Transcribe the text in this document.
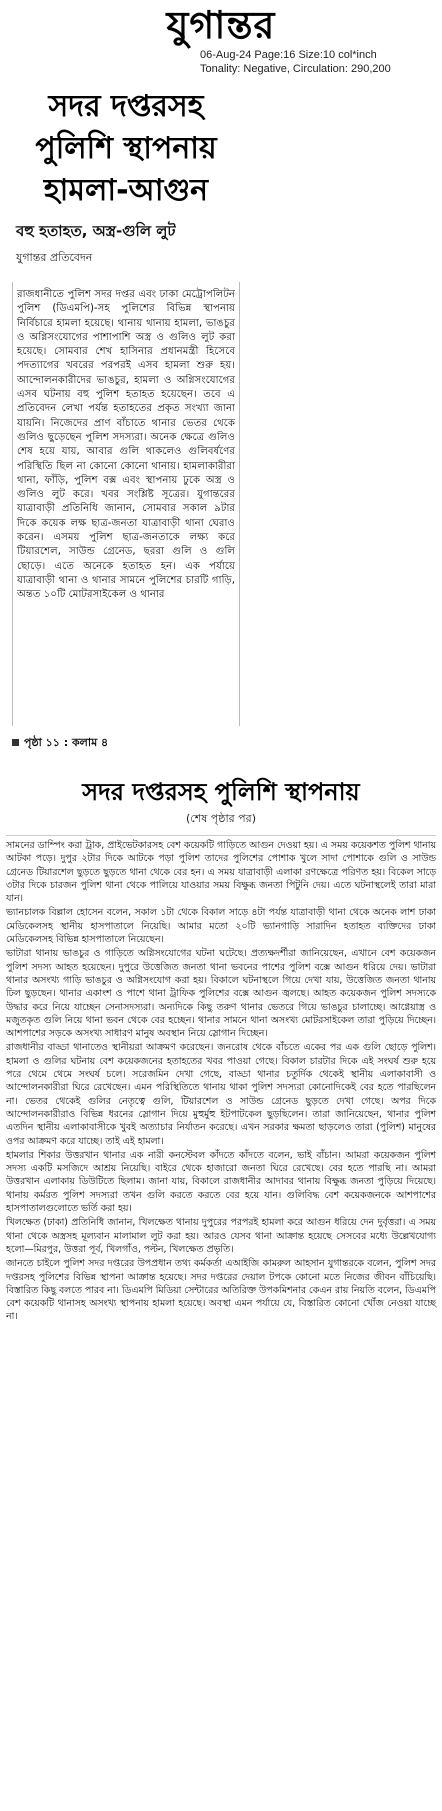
যুগান্তর
06-Aug-24 Page:16 Size:10 col*inch
Tonality: Negative, Circulation: 290,200
সদর দপ্তরসহ
পুলিশি স্থাপনায়
হামলা-আগুন
বহু হতাহত, অস্ত্র-গুলি লুট
যুগান্তর প্রতিবেদন

রাজধানীতে পুলিশ সদর দপ্তর এবং ঢাকা মেট্রোপলিটন পুলিশ (ডিএমপি)-সহ পুলিশের বিভিন্ন স্থাপনায় নির্বিচারে হামলা হয়েছে। থানায় থানায় হামলা, ভাঙচুর ও অগ্নিসংযোগের পাশাপাশি অস্ত্র ও গুলিও লুট করা হয়েছে। সোমবার শেখ হাসিনার প্রধানমন্ত্রী হিসেবে পদত্যাগের খবরের পরপরই এসব হামলা শুরু হয়। আন্দোলনকারীদের ভাঙচুর, হামলা ও অগ্নিসংযোগের এসব ঘটনায় বহু পুলিশ হতাহত হয়েছেন। তবে এ প্রতিবেদন লেখা পর্যন্ত হতাহতের প্রকৃত সংখ্যা জানা যায়নি। নিজেদের প্রাণ বাঁচাতে থানার ভেতর থেকে গুলিও ছুড়েছেন পুলিশ সদস্যরা। অনেক ক্ষেত্রে গুলিও শেষ হয়ে যায়, আবার গুলি থাকলেও গুলিবর্ষণের পরিস্থিতি ছিল না কোনো কোনো থানায়। হামলাকারীরা থানা, ফাঁড়ি, পুলিশ বক্স এবং স্থাপনায় ঢুকে অস্ত্র ও গুলিও লুট করে। খবর সংশ্লিষ্ট সূত্রের। যুগান্তরের যাত্রাবাড়ী প্রতিনিধি জানান, সোমবার সকাল ৯টার দিকে কয়েক লক্ষ ছাত্র-জনতা যাত্রাবাড়ী থানা ঘেরাও করেন। এসময় পুলিশ ছাত্র-জনতাকে লক্ষ্য করে টিয়ারশেল, সাউন্ড গ্রেনেড, ছররা গুলি ও গুলি ছোড়ে। এতে অনেকে হতাহত হন। এক পর্যায়ে যাত্রাবাড়ী থানা ও থানার সামনে পুলিশের চারটি গাড়ি, অন্তত ১০টি মোটরসাইকেল ও থানার

পৃষ্ঠা ১১ : কলাম ৪
সদর দপ্তরসহ পুলিশি স্থাপনায়
(শেষ পৃষ্ঠার পর)

সামনের ডাম্পিং করা ট্রাক, প্রাইভেটকারসহ বেশ কয়েকটি গাড়িতে আগুন দেওয়া হয়। এ সময় কয়েকশত পুলিশ থানায় আটকা পড়ে। দুপুর ২টার দিকে আটকে পড়া পুলিশ তাদের পুলিশের পোশাক খুলে সাদা পোশাকে গুলি ও সাউন্ড গ্রেনেড টিয়ারশেল ছুড়তে ছুড়তে থানা থেকে বের হন। এ সময় যাত্রাবাড়ী এলাকা রণক্ষেত্রে পরিণত হয়। বিকেল সাড়ে ৩টার দিকে চারজন পুলিশ থানা থেকে পালিয়ে যাওয়ার সময় বিক্ষুব্ধ জনতা পিটুনি দেয়। এতে ঘটনাস্থলেই তারা মারা যান।

ভ্যানচালক বিল্লাল হোসেন বলেন, সকাল ১টা থেকে বিকাল সাড়ে ৪টা পর্যন্ত যাত্রাবাড়ী থানা থেকে অনেক লাশ ঢাকা মেডিকেলসহ স্থানীয় হাসপাতালে নিয়েছি। আমার মতো ২০টি ভ্যানগাড়ি সারাদিন হতাহত ব্যক্তিদের ঢাকা মেডিকেলসহ বিভিন্ন হাসপাতালে নিয়েছেন।

ভাটারা থানায় ভাঙচুর ও গাড়িতে অগ্নিসংযোগের ঘটনা ঘটেছে। প্রত্যক্ষদর্শীরা জানিয়েছেন, এখানে বেশ কয়েকজন পুলিশ সদস্য আহত হয়েছেন। দুপুরে উত্তেজিত জনতা থানা ভবনের পাশের পুলিশ বক্সে আগুন ধরিয়ে দেয়। ভাটারা থানার অসংখ্য গাড়ি ভাঙচুর ও অগ্নিসংযোগ করা হয়। বিকালে ঘটনাস্থলে গিয়ে দেখা যায়, উত্তেজিত জনতা থানায় ঢিল ছুড়ছেন। থানার একাংশ ও পাশে থানা ট্রাফিক পুলিশের বক্সে আগুন জ্বলছে। আহত কয়েকজন পুলিশ সদস্যকে উদ্ধার করে নিয়ে যাচ্ছেন সেনাসদস্যরা। অন্যদিকে কিছু তরুণ থানার ভেতরে গিয়ে ভাঙচুর চালাচ্ছে। আগ্নেয়াস্ত্র ও মজুতকৃত গুলি নিয়ে থানা ভবন থেকে বের হচ্ছেন। থানার সামনে থানা অসংখ্য মোটরসাইকেল তারা পুড়িয়ে দিচ্ছেন। আশপাশের সড়কে অসংখ্য সাধারণ মানুষ অবস্থান নিয়ে স্লোগান দিচ্ছেন।

রাজধানীর বাড্ডা থানাতেও স্থানীয়রা আক্রমণ করেছেন। জনরোষ থেকে বাঁচতে একের পর এক গুলি ছোড়ে পুলিশ। হামলা ও গুলির ঘটনায় বেশ কয়েকজনের হতাহতের খবর পাওয়া গেছে। বিকাল চারটার দিকে এই সংঘর্ষ শুরু হয়ে পরে থেমে থেমে সংঘর্ষ চলে। সরেজমিন দেখা গেছে, বাড্ডা থানার চতুর্দিক থেকেই স্থানীয় এলাকাবাসী ও আন্দোলনকারীরা ঘিরে রেখেছেন। এমন পরিস্থিতিতে থানায় থাকা পুলিশ সদস্যরা কোনোদিকেই বের হতে পারছিলেন না। ভেতর থেকেই গুলির নেতৃত্বে গুলি, টিয়ারশেল ও সাউন্ড গ্রেনেড ছুড়তে দেখা গেছে। অপর দিকে আন্দোলনকারীরাও বিভিন্ন ধরনের স্লোগান দিয়ে মুহুর্মুহু ইটপাটকেল ছুড়ছিলেন। তারা জানিয়েছেন, থানার পুলিশ এতদিন স্থানীয় এলাকাবাসীকে খুবই অত্যাচার নির্যাতন করেছে। এখন সরকার ক্ষমতা ছাড়লেও তারা (পুলিশ) মানুষের ওপর আক্রমণ করে যাচ্ছে। তাই এই হামলা।

হামলার শিকার উত্তরখান থানার এক নারী কনস্টেবল কাঁদতে কাঁদতে বলেন, ভাই বাঁচান। আমরা কয়েকজন পুলিশ সদস্য একটি মসজিদে আশ্রয় নিয়েছি। বাইরে থেকে হাজারো জনতা ঘিরে রেখেছে। বের হতে পারছি না। আমরা উত্তরখান এলাকায় ডিউটিতে ছিলাম। জানা যায়, বিকালে রাজধানীর আদাবর থানায় বিক্ষুব্ধ জনতা পুড়িয়ে দিয়েছে। থানায় কর্মরত পুলিশ সদস্যরা তখন গুলি করতে করতে বের হয়ে যান। গুলিবিদ্ধ বেশ কয়েকজনকে আশপাশের হাসপাতালগুলোতে ভর্তি করা হয়।

খিলক্ষেত (ঢাকা) প্রতিনিধি জানান, খিলক্ষেত থানায় দুপুরের পরপরই হামলা করে আগুন ধরিয়ে দেন দুর্বৃত্তরা। এ সময় থানা থেকে অস্ত্রসহ মূল্যবান মালামাল লুট করা হয়। আরও যেসব থানা আক্রান্ত হয়েছে সেসবের মধ্যে উল্লেখযোগ্য হলো—মিরপুর, উত্তরা পূর্ব, খিলগাঁও, পল্টন, খিলক্ষেত প্রভৃতি।

জানতে চাইলে পুলিশ সদর দপ্তরের উপপ্রধান তথ্য কর্মকর্তা এআইজি কামরুল আহসান যুগান্তরকে বলেন, পুলিশ সদর দপ্তরসহ পুলিশের বিভিন্ন স্থাপনা আক্রান্ত হয়েছে। সদর দপ্তরের দেয়াল টপকে কোনো মতে নিজের জীবন বাঁচিয়েছি। বিস্তারিত কিছু বলতে পারব না। ডিএমপি মিডিয়া সেন্টারের অতিরিক্ত উপকমিশনার কেএন রায় নিয়তি বলেন, ডিএমপি বেশ কয়েকটি থানাসহ অসংখ্য স্থাপনায় হামলা হয়েছে। অবস্থা এমন পর্যায়ে যে, বিস্তারিত কোনো খোঁজ নেওয়া যাচ্ছে না।
